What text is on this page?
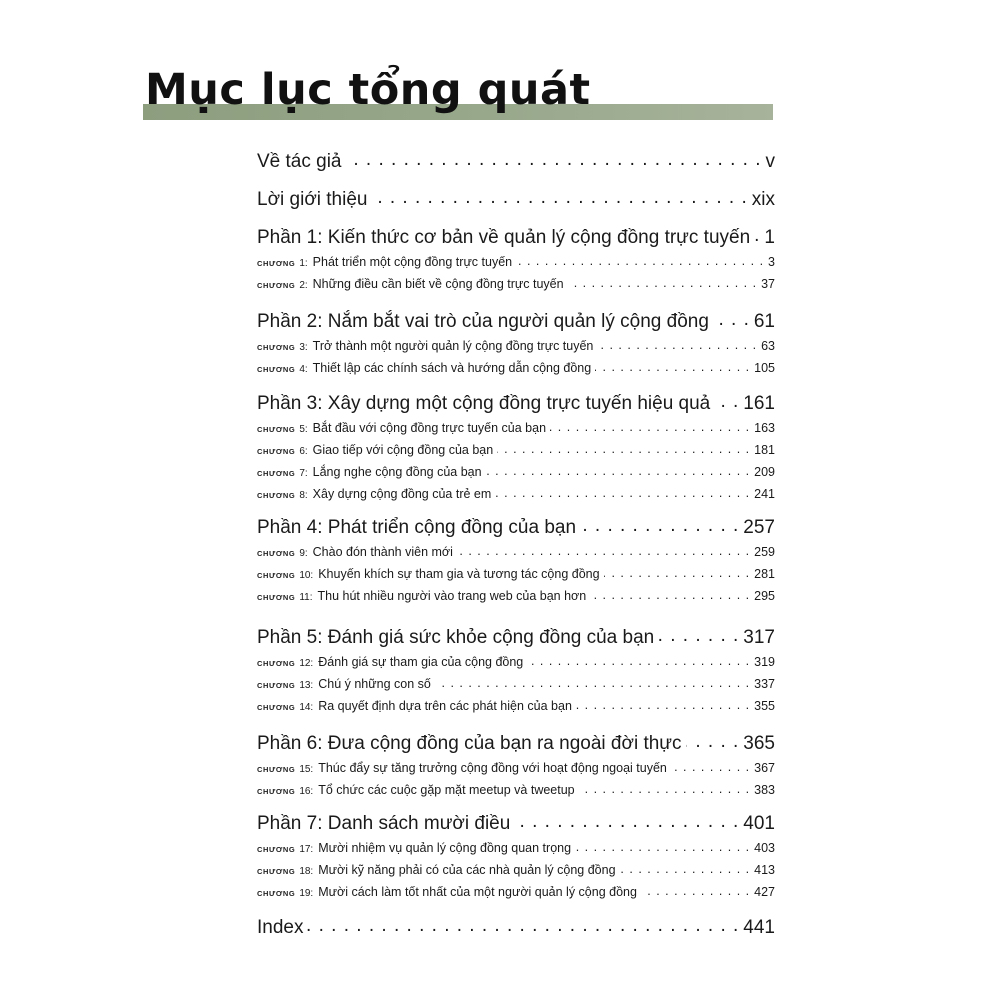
Mục lục tổng quát
Về tác giả . . .	v
Lời giới thiệu . . .	xix
Phần 1: Kiến thức cơ bản về quản lý cộng đồng trực tuyến . . . 1
CHƯƠNG 1: Phát triển một cộng đồng trực tuyến . . .	3
CHƯƠNG 2: Những điều cần biết về cộng đồng trực tuyến . . .	37
Phần 2: Nắm bắt vai trò của người quản lý cộng đồng . . . 61
CHƯƠNG 3: Trở thành một người quản lý cộng đồng trực tuyến . . .	63
CHƯƠNG 4: Thiết lập các chính sách và hướng dẫn cộng đồng . . .	105
Phần 3: Xây dựng một cộng đồng trực tuyến hiệu quả . . . 161
CHƯƠNG 5: Bắt đầu với cộng đồng trực tuyến của bạn . . .	163
CHƯƠNG 6: Giao tiếp với cộng đồng của bạn . . .	181
CHƯƠNG 7: Lắng nghe cộng đồng của bạn . . .	209
CHƯƠNG 8: Xây dựng cộng đồng của trẻ em . . .	241
Phần 4: Phát triển cộng đồng của bạn . . .	257
CHƯƠNG 9: Chào đón thành viên mới . . .	259
CHƯƠNG 10: Khuyến khích sự tham gia và tương tác cộng đồng . . .	281
CHƯƠNG 11: Thu hút nhiều người vào trang web của bạn hơn . . .	295
Phần 5: Đánh giá sức khỏe cộng đồng của bạn . . .	317
CHƯƠNG 12: Đánh giá sự tham gia của cộng đồng . . .	319
CHƯƠNG 13: Chú ý những con số . . .	337
CHƯƠNG 14: Ra quyết định dựa trên các phát hiện của bạn . . .	355
Phần 6: Đưa cộng đồng của bạn ra ngoài đời thực . . .	365
CHƯƠNG 15: Thúc đẩy sự tăng trưởng cộng đồng với hoạt động ngoại tuyến . . .	367
CHƯƠNG 16: Tổ chức các cuộc gặp mặt meetup và tweetup . . .	383
Phần 7: Danh sách mười điều . . .	401
CHƯƠNG 17: Mười nhiệm vụ quản lý cộng đồng quan trọng . . .	403
CHƯƠNG 18: Mười kỹ năng phải có của các nhà quản lý cộng đồng . . .	413
CHƯƠNG 19: Mười cách làm tốt nhất của một người quản lý cộng đồng . . .	427
Index . . .	441
